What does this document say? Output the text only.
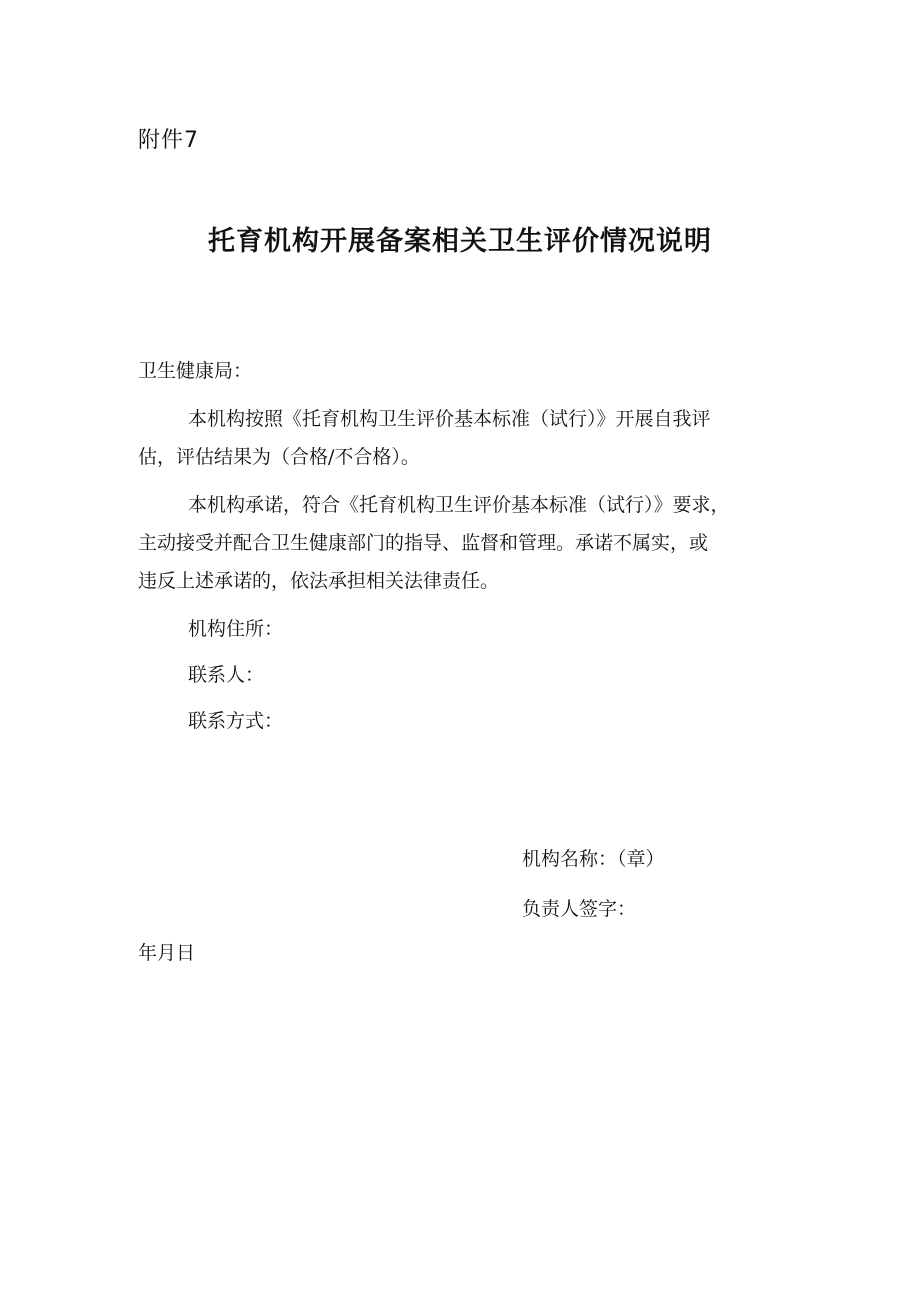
附件7
托育机构开展备案相关卫生评价情况说明
卫生健康局：
本机构按照《托育机构卫生评价基本标准（试行）》开展自我评
估，评估结果为（合格/不合格）。
本机构承诺，符合《托育机构卫生评价基本标准（试行）》要求，
主动接受并配合卫生健康部门的指导、监督和管理。承诺不属实，或
违反上述承诺的，依法承担相关法律责任。
机构住所：
联系人：
联系方式：
机构名称：（章）
负责人签字：
年月日
